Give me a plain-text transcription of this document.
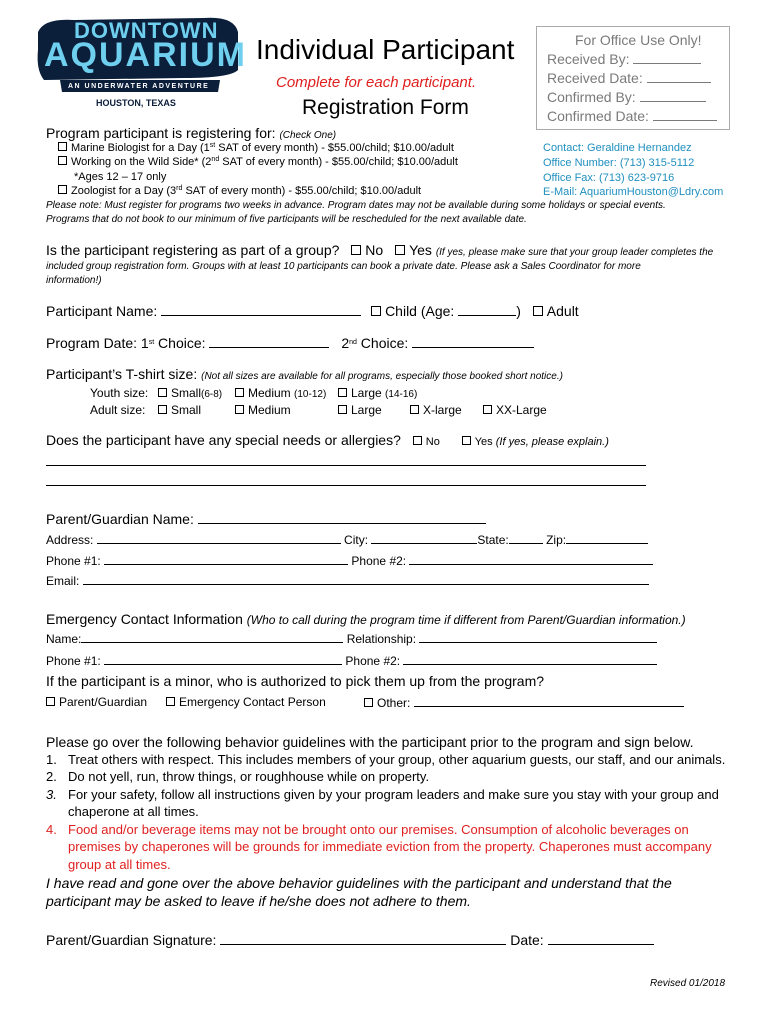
DOWNTOWN
AQUARIUM
AN UNDERWATER ADVENTURE
HOUSTON, TEXAS
Individual Participant
Complete for each participant.
Registration Form
For Office Use Only!
Received By:
Received Date:
Confirmed By:
Confirmed Date:
Program participant is registering for: (Check One)
Marine Biologist for a Day (1st SAT of every month) - $55.00/child; $10.00/adult
Working on the Wild Side* (2nd SAT of every month) - $55.00/child; $10.00/adult
*Ages 12 – 17 only
Zoologist for a Day (3rd SAT of every month) - $55.00/child; $10.00/adult
Contact: Geraldine Hernandez
Office Number: (713) 315-5112
Office Fax: (713) 623-9716
E-Mail: AquariumHouston@Ldry.com
Please note: Must register for programs two weeks in advance. Program dates may not be available during some holidays or special events.
Programs that do not book to our minimum of five participants will be rescheduled for the next available date.
Is the participant registering as part of a group? No Yes (If yes, please make sure that your group leader completes the
included group registration form. Groups with at least 10 participants can book a private date. Please ask a Sales Coordinator for more
information!)
Participant Name:	Child (Age:	) Adult
Program Date: 1st Choice:	2nd Choice:
Participant’s T-shirt size: (Not all sizes are available for all programs, especially those booked short notice.)
Youth size:	Small(6-8)	Medium (10-12)	Large (14-16)
Adult size:	Small	Medium	Large	X-large	XX-Large
Does the participant have any special needs or allergies? No	Yes (If yes, please explain.)
Parent/Guardian Name:
Address:	City:	State:	Zip:
Phone #1:	Phone #2:
Email:
Emergency Contact Information (Who to call during the program time if different from Parent/Guardian information.)
Name:	Relationship:
Phone #1:	Phone #2:
If the participant is a minor, who is authorized to pick them up from the program?
Parent/Guardian	Emergency Contact Person	Other:
Please go over the following behavior guidelines with the participant prior to the program and sign below.
1. Treat others with respect. This includes members of your group, other aquarium guests, our staff, and our animals.
2. Do not yell, run, throw things, or roughhouse while on property.
3. For your safety, follow all instructions given by your program leaders and make sure you stay with your group and
chaperone at all times.
4. Food and/or beverage items may not be brought onto our premises. Consumption of alcoholic beverages on
premises by chaperones will be grounds for immediate eviction from the property. Chaperones must accompany
group at all times.
I have read and gone over the above behavior guidelines with the participant and understand that the
participant may be asked to leave if he/she does not adhere to them.
Parent/Guardian Signature:	Date:
Revised 01/2018
